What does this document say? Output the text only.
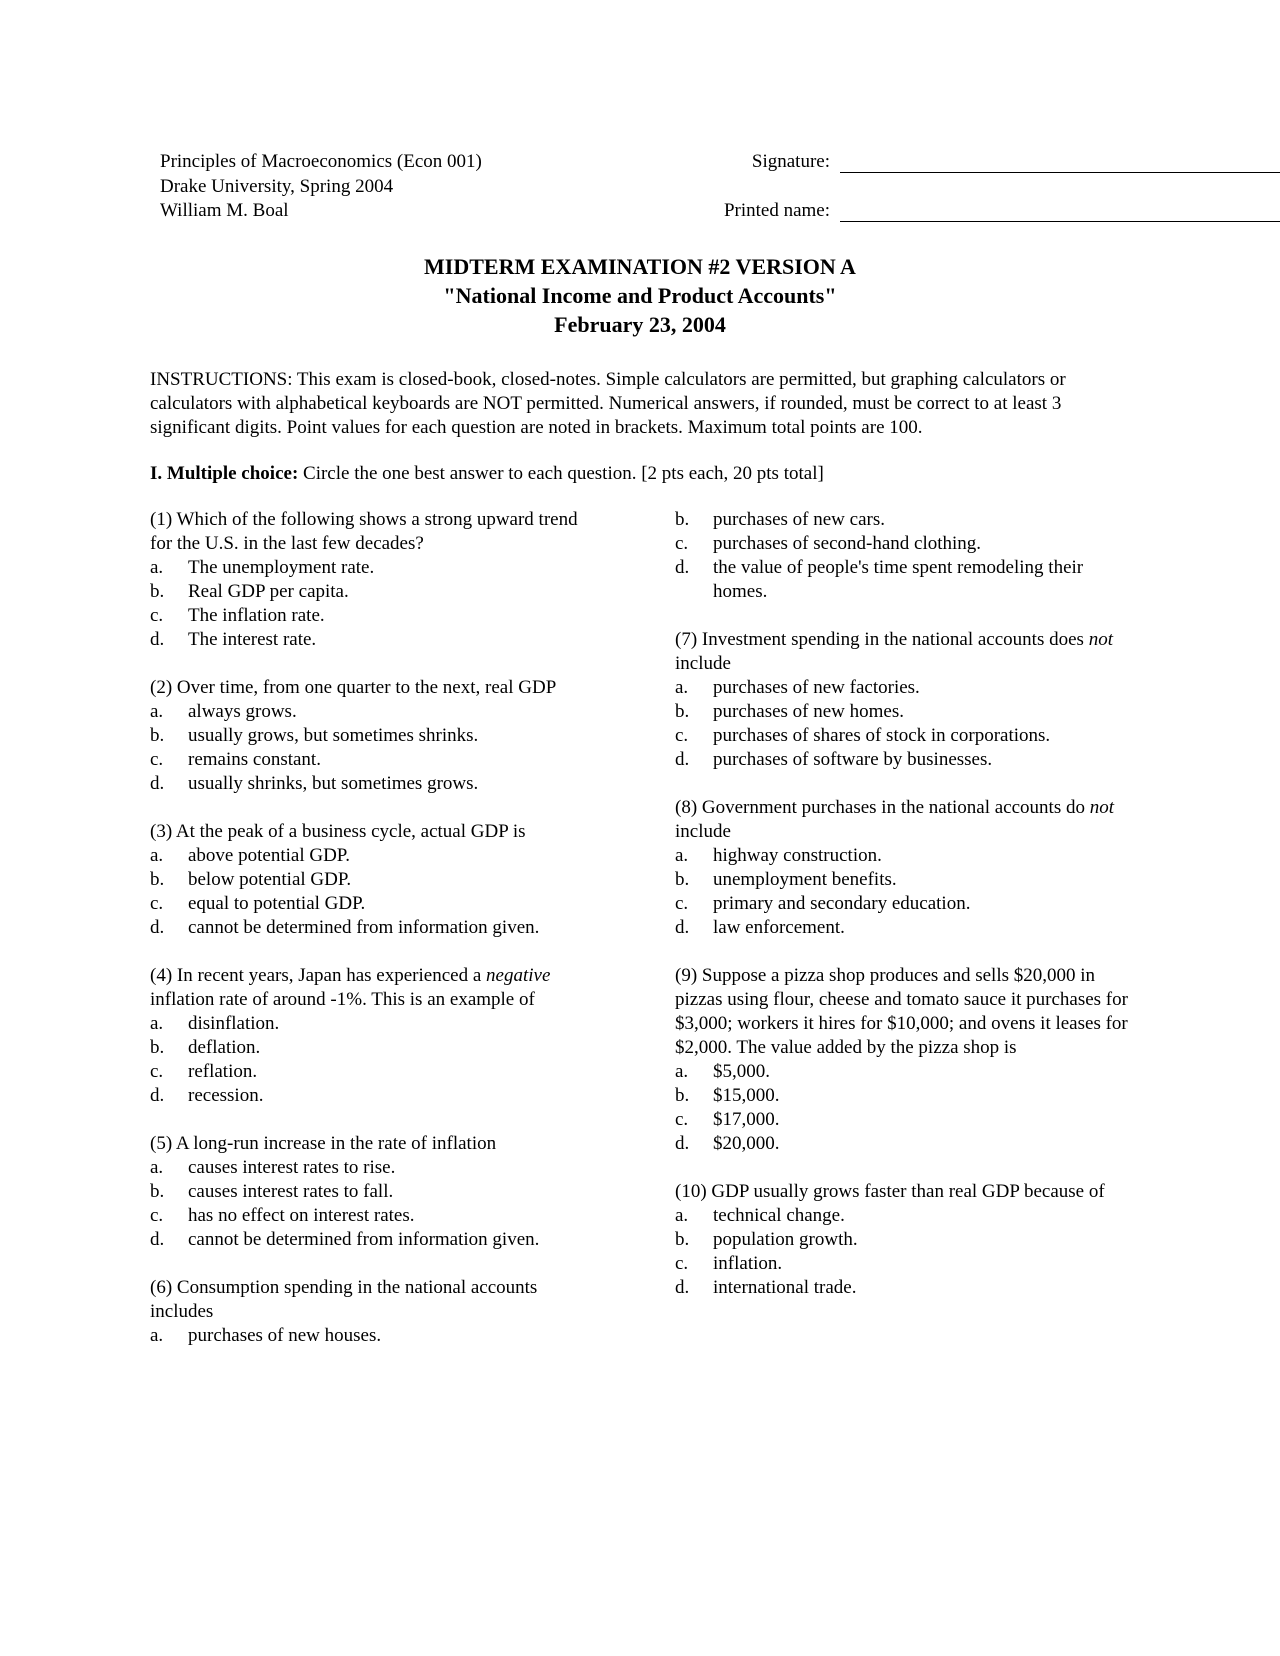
Principles of Macroeconomics (Econ 001)
Drake University, Spring 2004
William M. Boal
Signature:
Printed name:
MIDTERM EXAMINATION #2 VERSION A
"National Income and Product Accounts"
February 23, 2004
INSTRUCTIONS: This exam is closed-book, closed-notes. Simple calculators are permitted, but graphing calculators or calculators with alphabetical keyboards are NOT permitted. Numerical answers, if rounded, must be correct to at least 3 significant digits. Point values for each question are noted in brackets. Maximum total points are 100.
I. Multiple choice: Circle the one best answer to each question. [2 pts each, 20 pts total]
(1) Which of the following shows a strong upward trend for the U.S. in the last few decades?
a.	The unemployment rate.
b.	Real GDP per capita.
c.	The inflation rate.
d.	The interest rate.
(2) Over time, from one quarter to the next, real GDP
a.	always grows.
b.	usually grows, but sometimes shrinks.
c.	remains constant.
d.	usually shrinks, but sometimes grows.
(3) At the peak of a business cycle, actual GDP is
a.	above potential GDP.
b.	below potential GDP.
c.	equal to potential GDP.
d.	cannot be determined from information given.
(4) In recent years, Japan has experienced a negative inflation rate of around -1%. This is an example of
a.	disinflation.
b.	deflation.
c.	reflation.
d.	recession.
(5) A long-run increase in the rate of inflation
a.	causes interest rates to rise.
b.	causes interest rates to fall.
c.	has no effect on interest rates.
d.	cannot be determined from information given.
(6) Consumption spending in the national accounts includes
a.	purchases of new houses.
b.	purchases of new cars.
c.	purchases of second-hand clothing.
d.	the value of people's time spent remodeling their homes.
(7) Investment spending in the national accounts does not include
a.	purchases of new factories.
b.	purchases of new homes.
c.	purchases of shares of stock in corporations.
d.	purchases of software by businesses.
(8) Government purchases in the national accounts do not include
a.	highway construction.
b.	unemployment benefits.
c.	primary and secondary education.
d.	law enforcement.
(9) Suppose a pizza shop produces and sells $20,000 in pizzas using flour, cheese and tomato sauce it purchases for $3,000; workers it hires for $10,000; and ovens it leases for $2,000. The value added by the pizza shop is
a.	$5,000.
b.	$15,000.
c.	$17,000.
d.	$20,000.
(10) GDP usually grows faster than real GDP because of
a.	technical change.
b.	population growth.
c.	inflation.
d.	international trade.
